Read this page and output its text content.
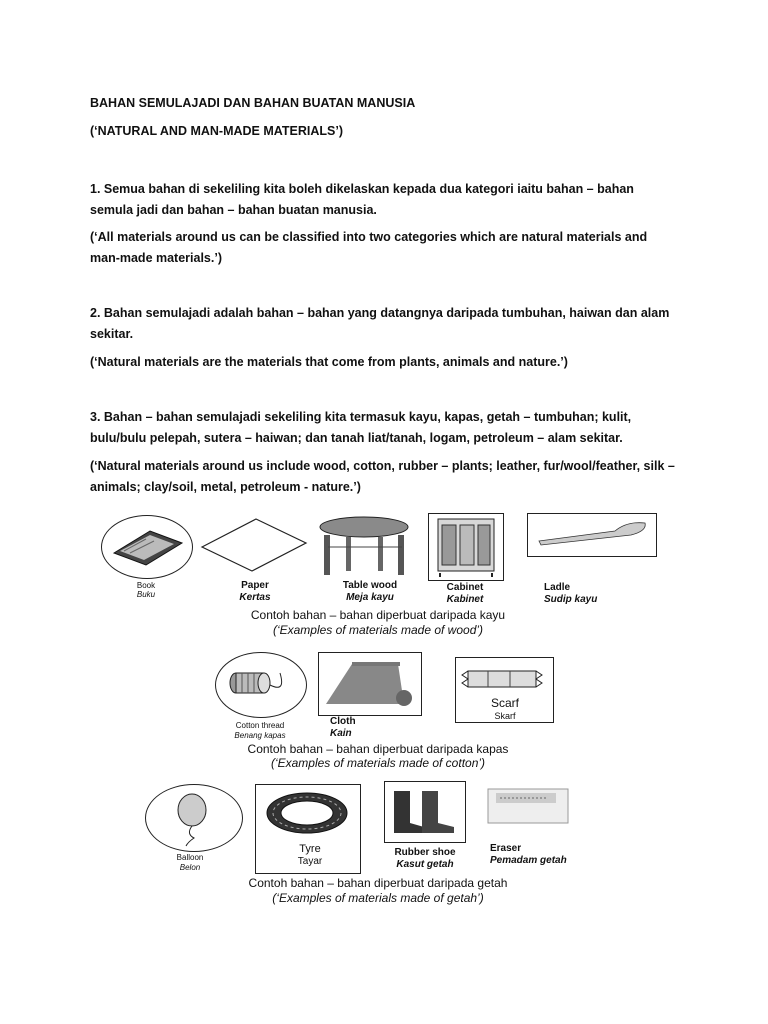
BAHAN SEMULAJADI DAN BAHAN BUATAN MANUSIA

(‘NATURAL AND MAN-MADE MATERIALS’)

1. Semua bahan di sekeliling kita boleh dikelaskan kepada dua kategori iaitu bahan – bahan semula jadi dan bahan – bahan buatan manusia.

(‘All materials around us can be classified into two categories which are natural materials and man-made materials.’)

2. Bahan semulajadi adalah bahan – bahan yang datangnya daripada tumbuhan, haiwan dan alam sekitar.

(‘Natural materials are the materials that come from plants, animals and nature.’)

3. Bahan – bahan semulajadi sekeliling kita termasuk kayu, kapas, getah – tumbuhan; kulit, bulu/bulu pelepah, sutera – haiwan; dan tanah liat/tanah, logam, petroleum – alam sekitar.

(‘Natural materials around us include wood, cotton, rubber – plants; leather, fur/wool/feather, silk – animals; clay/soil, metal, petroleum - nature.’)

Book
Buku
Paper
Kertas
Table wood
Meja kayu
Cabinet
Kabinet
Ladle
Sudip kayu
Contoh bahan – bahan diperbuat daripada kayu
(‘Examples of materials made of wood’)
Cotton thread
Benang kapas
Cloth
Kain
Scarf
Skarf
Contoh bahan – bahan diperbuat daripada kapas
(‘Examples of materials made of cotton’)
Balloon
Belon
Tyre
Tayar
Rubber shoe
Kasut getah
Eraser
Pemadam getah
Contoh bahan – bahan diperbuat daripada getah
(‘Examples of materials made of getah’)
